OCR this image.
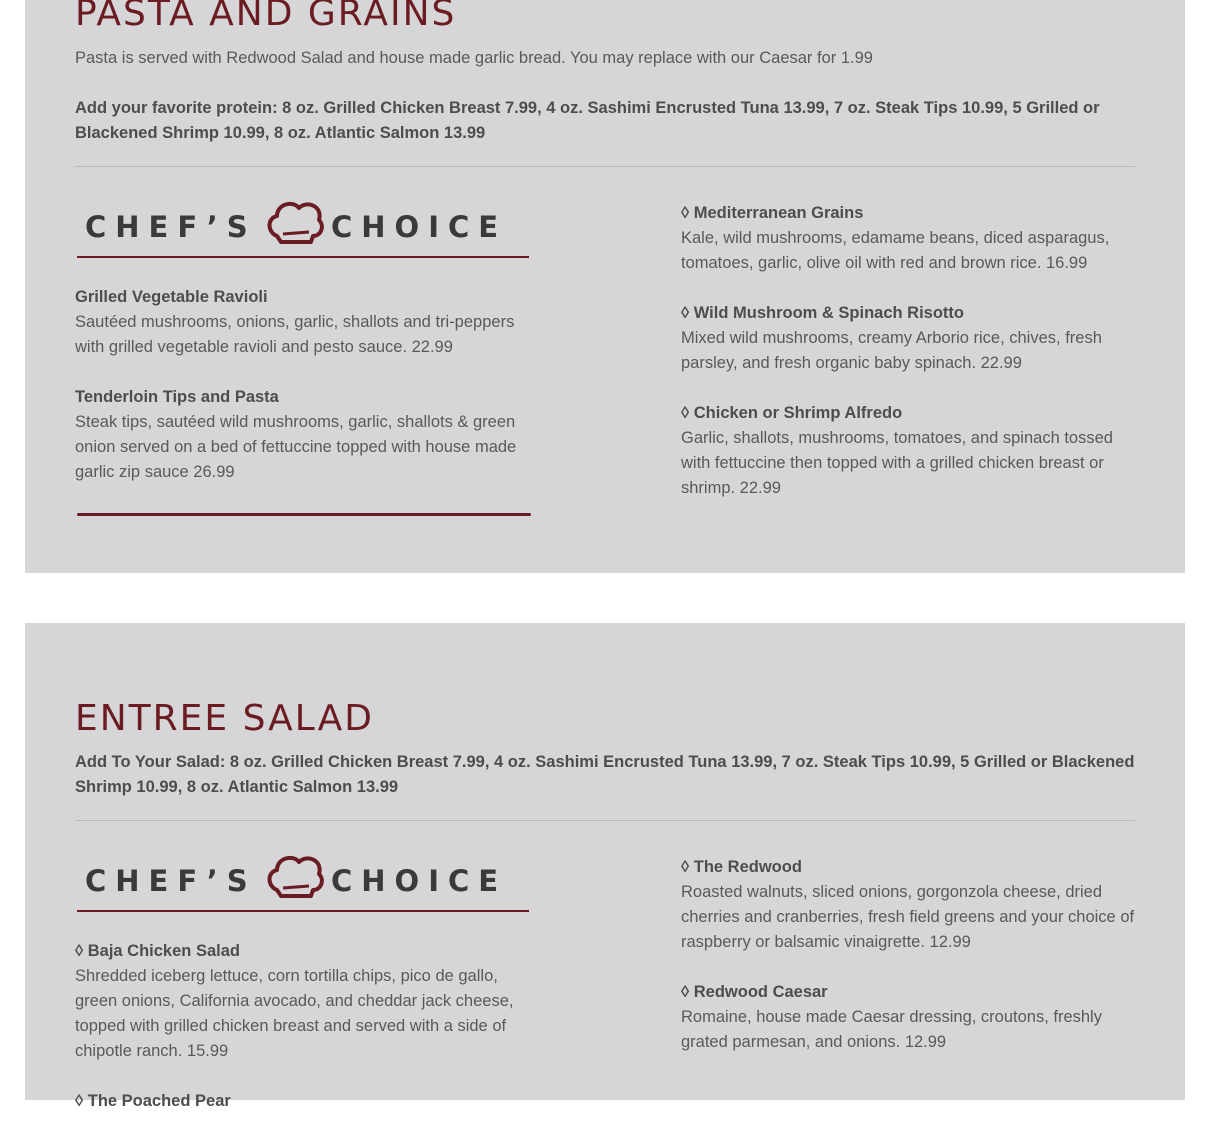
PASTA AND GRAINS
Pasta is served with Redwood Salad and house made garlic bread. You may replace with our Caesar for 1.99
Add your favorite protein: 8 oz. Grilled Chicken Breast 7.99, 4 oz. Sashimi Encrusted Tuna 13.99, 7 oz. Steak Tips 10.99, 5 Grilled or Blackened Shrimp 10.99, 8 oz. Atlantic Salmon 13.99
CHEF’S	CHOICE
Grilled Vegetable Ravioli
Sautéed mushrooms, onions, garlic, shallots and tri-peppers with grilled vegetable ravioli and pesto sauce. 22.99
Tenderloin Tips and Pasta
Steak tips, sautéed wild mushrooms, garlic, shallots & green onion served on a bed of fettuccine topped with house made garlic zip sauce 26.99
◊ Mediterranean Grains
Kale, wild mushrooms, edamame beans, diced asparagus, tomatoes, garlic, olive oil with red and brown rice. 16.99
◊ Wild Mushroom & Spinach Risotto
Mixed wild mushrooms, creamy Arborio rice, chives, fresh parsley, and fresh organic baby spinach. 22.99
◊ Chicken or Shrimp Alfredo
Garlic, shallots, mushrooms, tomatoes, and spinach tossed with fettuccine then topped with a grilled chicken breast or shrimp. 22.99
ENTREE SALAD
Add To Your Salad: 8 oz. Grilled Chicken Breast 7.99, 4 oz. Sashimi Encrusted Tuna 13.99, 7 oz. Steak Tips 10.99, 5 Grilled or Blackened Shrimp 10.99, 8 oz. Atlantic Salmon 13.99
CHEF’S	CHOICE
◊ Baja Chicken Salad
Shredded iceberg lettuce, corn tortilla chips, pico de gallo, green onions, California avocado, and cheddar jack cheese, topped with grilled chicken breast and served with a side of chipotle ranch. 15.99
◊ The Poached Pear
◊ The Redwood
Roasted walnuts, sliced onions, gorgonzola cheese, dried cherries and cranberries, fresh field greens and your choice of raspberry or balsamic vinaigrette. 12.99
◊ Redwood Caesar
Romaine, house made Caesar dressing, croutons, freshly grated parmesan, and onions. 12.99
